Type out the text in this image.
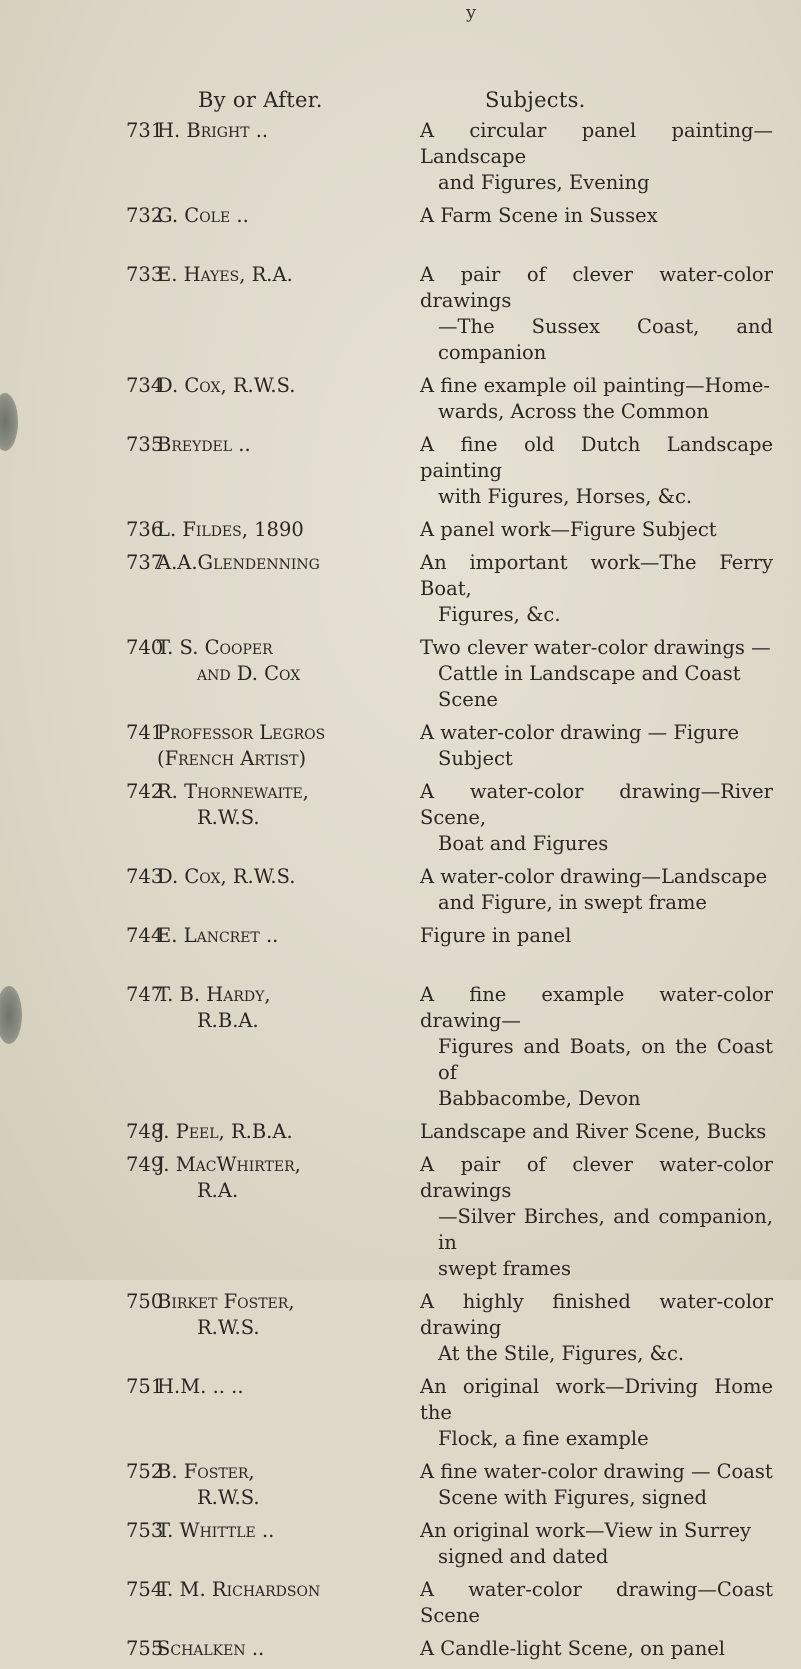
y
By or After.	Subjects.
731	H. Bright ..	A circular panel painting— Landscape
and Figures, Evening

732	G. Cole ..	A Farm Scene in Sussex

733	E. Hayes, R.A.	A pair of clever water-color drawings
—The Sussex Coast, and companion

734	D. Cox, R.W.S.	A fine example oil painting—Home-
wards, Across the Common

735	Breydel ..	A fine old Dutch Landscape painting
with Figures, Horses, &c.

736	L. Fildes, 1890	A panel work—Figure Subject

737	A.A.Glendenning	An important work—The Ferry Boat,
Figures, &c.

740	T. S. Cooper
and D. Cox	Two clever water-color drawings —
Cattle in Landscape and Coast
Scene

741	Professor Legros
(French Artist)	A water-color drawing — Figure
Subject

742	R. Thornewaite,
R.W.S.	A water-color drawing—River Scene,
Boat and Figures

743	D. Cox, R.W.S.	A water-color drawing—Landscape
and Figure, in swept frame

744	E. Lancret ..	Figure in panel

747	T. B. Hardy,
R.B.A.	A fine example water-color drawing—
Figures and Boats, on the Coast of
Babbacombe, Devon

748	J. Peel, R.B.A.	Landscape and River Scene, Bucks

749	J. MacWhirter,
R.A.	A pair of clever water-color drawings
—Silver Birches, and companion, in
swept frames

750	Birket Foster,
R.W.S.	A highly finished water-color drawing
At the Stile, Figures, &c.

751	H.M. .. ..	An original work—Driving Home the
Flock, a fine example

752	B. Foster,
R.W.S.	A fine water-color drawing — Coast
Scene with Figures, signed

753	T. Whittle ..	An original work—View in Surrey
signed and dated

754	T. M. Richardson	A water-color drawing—Coast Scene

755	Schalken ..	A Candle-light Scene, on panel
